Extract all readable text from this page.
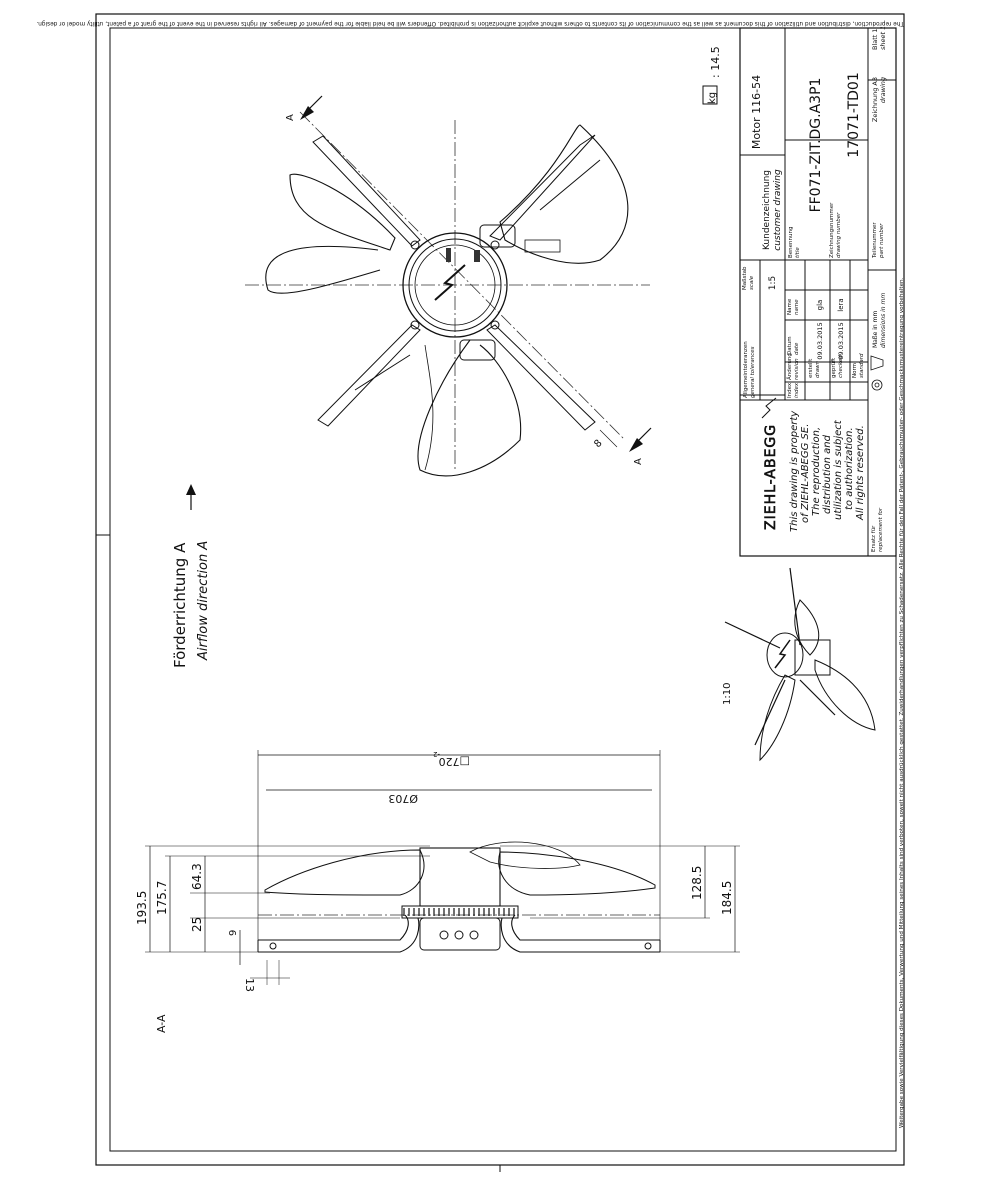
The reproduction, distribution and utilization of this document as well as the communication of its contents to others without explicit authorization is prohibited. Offenders will be held liable for the payment of damages. All rights reserved in the event of the grant of a patent, utility model or design.
Weitergabe sowie Vervielfältigung dieses Dokuments, Verwertung und Mitteilung seines Inhalts sind verboten, soweit nicht ausdrücklich gestattet. Zuwiderhandlungen verpflichten zu Schadenersatz. Alle Rechte für den Fall der Patent-, Gebrauchsmuster- oder Geschmacksmustereintragung vorbehalten.
Motor 116-54
Kundenzeichnung customer drawing
Maßstab scale 1:5
Benennung title
FF071-ZIT.DG.A3P1
Zeichnungsnummer drawing number
17071-TD01
Teilenummer part number
Zeichnung A3 drawing
Blatt 1 sheet 1
Index index
Änderung revision
Datum date
Name name
erstellt drawn
09.03.2015
gla
geprüft checked
09.03.2015
lera
Norm standard
Maße in mm dimensions in mm
Allgemeintoleranzen general tolerances
Ersatz für replacement for
ZIEHL-ABEGG This drawing is property of ZIEHL-ABEGG SE. The reproduction, distribution and utilization is subject to authorization. All rights reserved.
kg
: 14.5
A
A
8
Förderrichtung A Airflow direction A
1:10
A-A
□720
-2
Ø703
193.5 175.7
64.3
25
9
13
128.5 184.5
